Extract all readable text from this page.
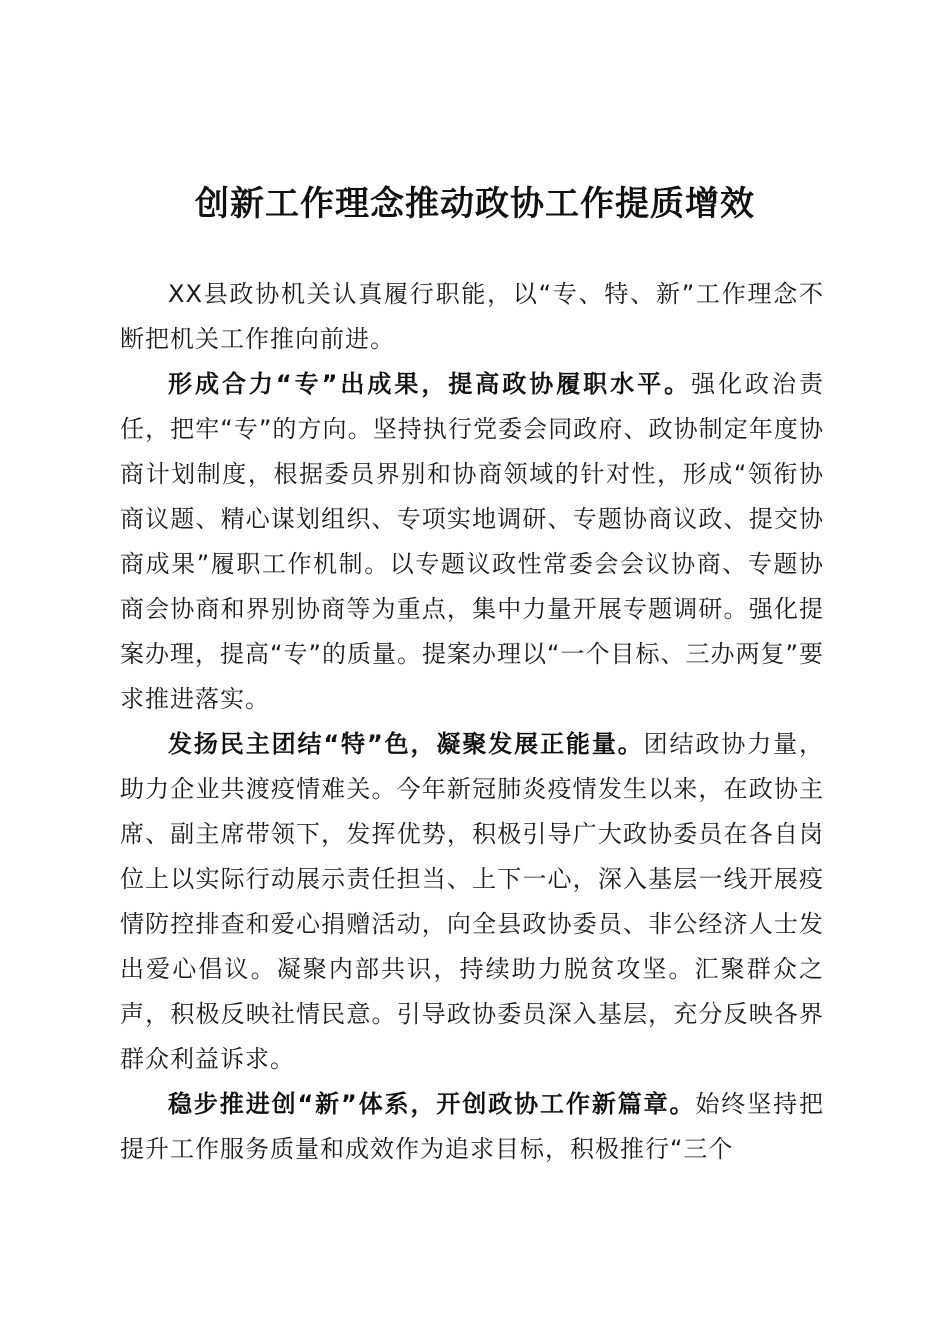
创新工作理念推动政协工作提质增效

XX县政协机关认真履行职能，以“专、特、新”工作理念不断把机关工作推向前进。

形成合力“专”出成果，提高政协履职水平。强化政治责任，把牢“专”的方向。坚持执行党委会同政府、政协制定年度协商计划制度，根据委员界别和协商领域的针对性，形成“领衔协商议题、精心谋划组织、专项实地调研、专题协商议政、提交协商成果”履职工作机制。以专题议政性常委会会议协商、专题协商会协商和界别协商等为重点，集中力量开展专题调研。强化提案办理，提高“专”的质量。提案办理以“一个目标、三办两复”要求推进落实。

发扬民主团结“特”色，凝聚发展正能量。团结政协力量，助力企业共渡疫情难关。今年新冠肺炎疫情发生以来，在政协主席、副主席带领下，发挥优势，积极引导广大政协委员在各自岗位上以实际行动展示责任担当、上下一心，深入基层一线开展疫情防控排查和爱心捐赠活动，向全县政协委员、非公经济人士发出爱心倡议。凝聚内部共识，持续助力脱贫攻坚。汇聚群众之声，积极反映社情民意。引导政协委员深入基层，充分反映各界群众利益诉求。

稳步推进创“新”体系，开创政协工作新篇章。始终坚持把提升工作服务质量和成效作为追求目标，积极推行“三个
